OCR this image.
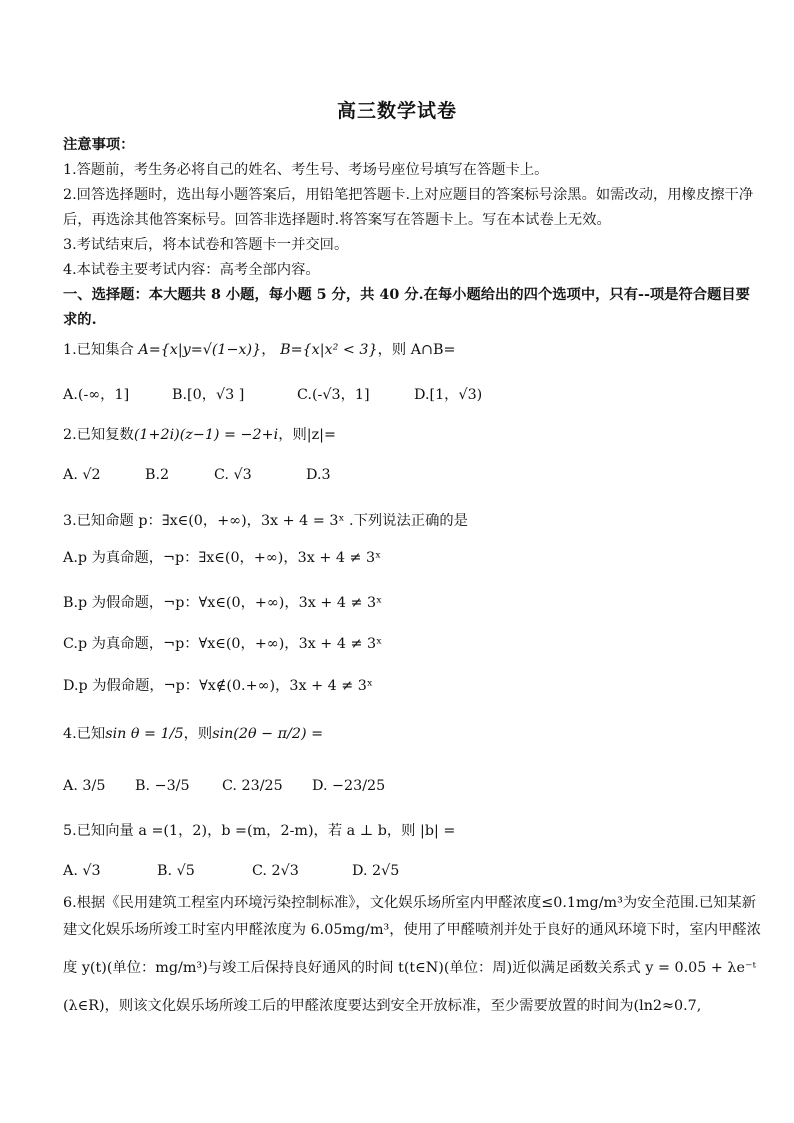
高三数学试卷
注意事项：
1.答题前，考生务必将自己的姓名、考生号、考场号座位号填写在答题卡上。
2.回答选择题时，选出每小题答案后，用铅笔把答题卡.上对应题目的答案标号涂黑。如需改动，用橡皮擦干净
后，再选涂其他答案标号。回答非选择题时.将答案写在答题卡上。写在本试卷上无效。
3.考试结束后，将本试卷和答题卡一并交回。
4.本试卷主要考试内容：高考全部内容。
一、选择题：本大题共 8 小题，每小题 5 分，共 40 分.在每小题给出的四个选项中，只有--项是符合题目要
求的.
1.已知集合 A={x|y=√(1−x)}， B={x|x² < 3}，则 A∩B=
A.(-∞，1]	B.[0，√3 ]	C.(-√3，1]	D.[1，√3)
2.已知复数(1+2i)(z−1) = −2+i，则|z|=
A. √2	B.2	C. √3	D.3
3.已知命题 p：∃x∈(0，+∞)，3x + 4 = 3ˣ .下列说法正确的是
A.p 为真命题，¬p：∃x∈(0，+∞)，3x + 4 ≠ 3ˣ
B.p 为假命题，¬p：∀x∈(0，+∞)，3x + 4 ≠ 3ˣ
C.p 为真命题，¬p：∀x∈(0，+∞)，3x + 4 ≠ 3ˣ
D.p 为假命题，¬p：∀x∉(0.+∞)，3x + 4 ≠ 3ˣ
4.已知sin θ = 1/5，则sin(2θ − π/2) =
A. 3/5 B. −3/5 C. 23/25 D. −23/25
5.已知向量 a =(1，2)，b =(m，2-m)，若 a ⊥ b，则 |b| =
A. √3	B. √5	C. 2√3	D. 2√5
6.根据《民用建筑工程室内环境污染控制标准》，文化娱乐场所室内甲醛浓度≤0.1mg/m³为安全范围.已知某新
建文化娱乐场所竣工时室内甲醛浓度为 6.05mg/m³，使用了甲醛喷剂并处于良好的通风环境下时，室内甲醛浓
度 y(t)(单位：mg/m³)与竣工后保持良好通风的时间 t(t∈N)(单位：周)近似满足函数关系式 y = 0.05 + λe⁻ᵗ
(λ∈R)，则该文化娱乐场所竣工后的甲醛浓度要达到安全开放标准，至少需要放置的时间为(ln2≈0.7,
